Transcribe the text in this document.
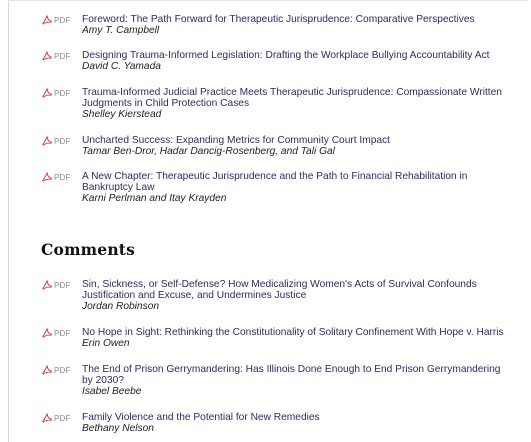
PDF Foreword: The Path Forward for Therapeutic Jurisprudence: Comparative Perspectives
Amy T. Campbell
PDF Designing Trauma-Informed Legislation: Drafting the Workplace Bullying Accountability Act
David C. Yamada
PDF Trauma-Informed Judicial Practice Meets Therapeutic Jurisprudence: Compassionate Written Judgments in Child Protection Cases
Shelley Kierstead
PDF Uncharted Success: Expanding Metrics for Community Court Impact
Tamar Ben-Dror, Hadar Dancig-Rosenberg, and Tali Gal
PDF A New Chapter: Therapeutic Jurisprudence and the Path to Financial Rehabilitation in Bankruptcy Law
Karni Perlman and Itay Krayden
Comments
PDF Sin, Sickness, or Self-Defense? How Medicalizing Women's Acts of Survival Confounds Justification and Excuse, and Undermines Justice
Jordan Robinson
PDF No Hope in Sight: Rethinking the Constitutionality of Solitary Confinement With Hope v. Harris
Erin Owen
PDF The End of Prison Gerrymandering: Has Illinois Done Enough to End Prison Gerrymandering by 2030?
Isabel Beebe
PDF Family Violence and the Potential for New Remedies
Bethany Nelson
